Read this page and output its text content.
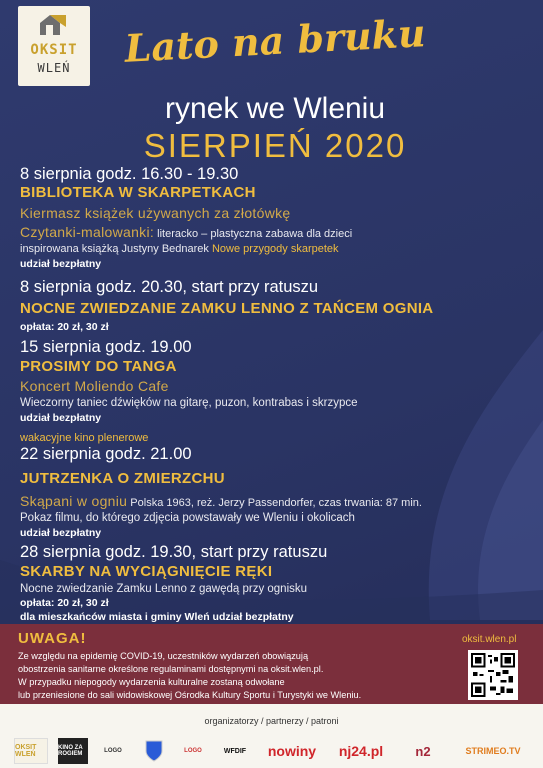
OKSIT
WLEŃ	Lato na bruku
rynek we Wleniu
SIERPIEŃ 2020
8 sierpnia godz. 16.30 - 19.30
BIBLIOTEKA W SKARPETKACH
Kiermasz książek używanych za złotówkę
Czytanki-malowanki: literacko – plastyczna zabawa dla dzieci
inspirowana książką Justyny Bednarek Nowe przygody skarpetek
udział bezpłatny
8 sierpnia godz. 20.30, start przy ratuszu
NOCNE ZWIEDZANIE ZAMKU LENNO Z TAŃCEM OGNIA
opłata: 20 zł, 30 zł
15 sierpnia godz. 19.00
PROSIMY DO TANGA
Koncert Moliendo Cafe
Wieczorny taniec dźwięków na gitarę, puzon, kontrabas i skrzypce
udział bezpłatny
wakacyjne kino plenerowe
22 sierpnia godz. 21.00
JUTRZENKA O ZMIERZCHU
Skąpani w ogniu Polska 1963, reż. Jerzy Passendorfer, czas trwania: 87 min.
Pokaz filmu, do którego zdjęcia powstawały we Wleniu i okolicach
udział bezpłatny
28 sierpnia godz. 19.30, start przy ratuszu
SKARBY NA WYCIĄGNIĘCIE RĘKI
Nocne zwiedzanie Zamku Lenno z gawędą przy ognisku
opłata: 20 zł, 30 zł
dla mieszkańców miasta i gminy Wleń udział bezpłatny
UWAGA!	oksit.wlen.pl
Ze względu na epidemię COVID-19, uczestników wydarzeń obowiązują
obostrzenia sanitarne określone regulaminami dostępnymi na oksit.wlen.pl.
W przypadku niepogody wydarzenia kulturalne zostaną odwołane
lub przeniesione do sali widowiskowej Ośrodka Kultury Sportu i Turystyki we Wleniu.
organizatorzy / partnerzy / patroni
OKSIT WLEŃ
KINO ZA ROGIEM	LOGO	LOGO	WFDIF	nowiny	nj24.pl	n2	STRIMEO.TV
